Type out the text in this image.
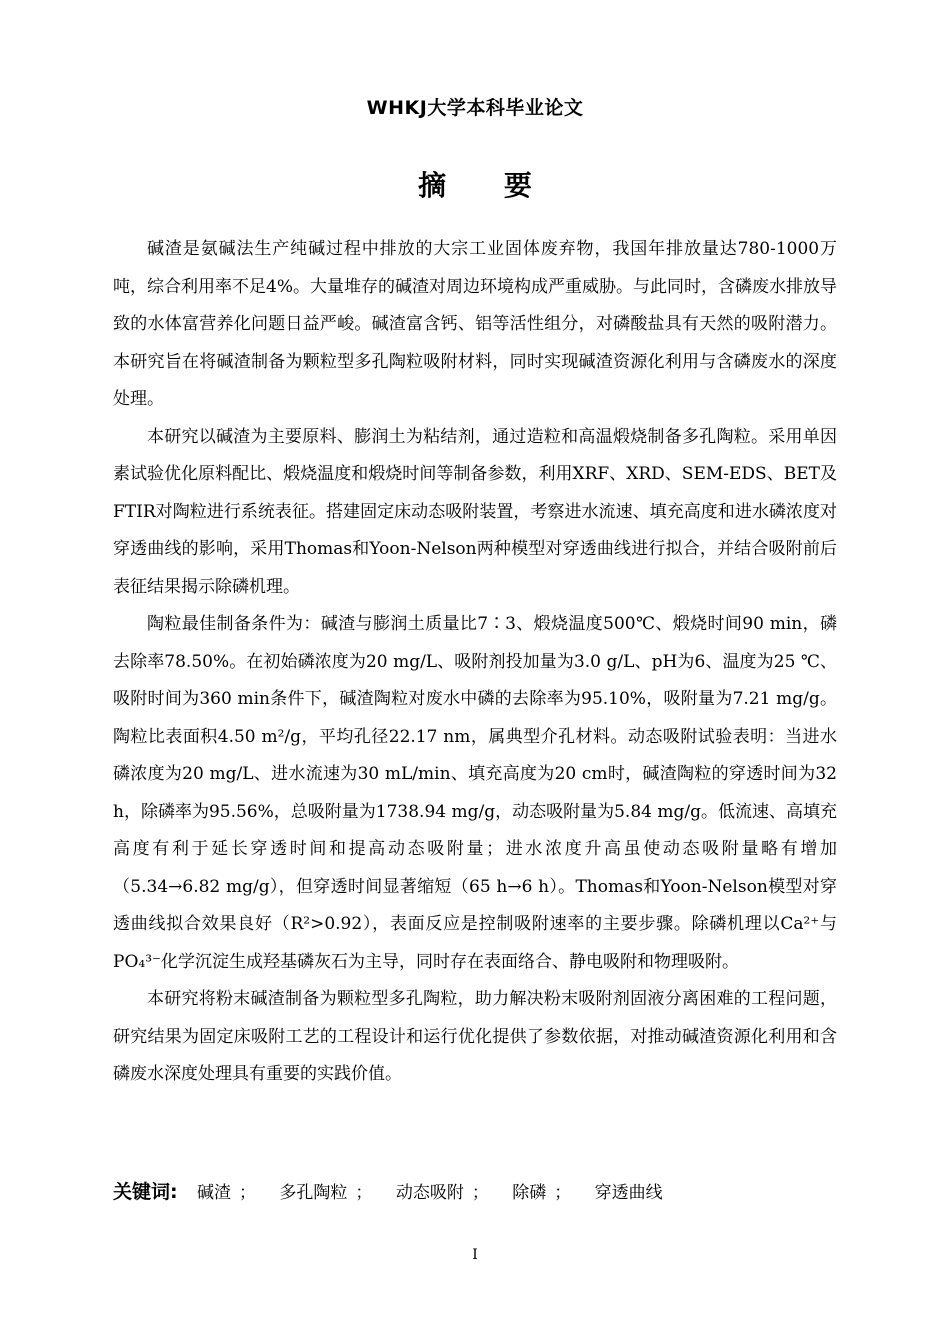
WHKJ大学本科毕业论文
摘 要

碱渣是氨碱法生产纯碱过程中排放的大宗工业固体废弃物，我国年排放量达780-1000万吨，综合利用率不足4%。大量堆存的碱渣对周边环境构成严重威胁。与此同时，含磷废水排放导致的水体富营养化问题日益严峻。碱渣富含钙、铝等活性组分，对磷酸盐具有天然的吸附潜力。本研究旨在将碱渣制备为颗粒型多孔陶粒吸附材料，同时实现碱渣资源化利用与含磷废水的深度处理。

本研究以碱渣为主要原料、膨润土为粘结剂，通过造粒和高温煅烧制备多孔陶粒。采用单因素试验优化原料配比、煅烧温度和煅烧时间等制备参数，利用XRF、XRD、SEM-EDS、BET及FTIR对陶粒进行系统表征。搭建固定床动态吸附装置，考察进水流速、填充高度和进水磷浓度对穿透曲线的影响，采用Thomas和Yoon-Nelson两种模型对穿透曲线进行拟合，并结合吸附前后表征结果揭示除磷机理。

陶粒最佳制备条件为：碱渣与膨润土质量比7∶3、煅烧温度500℃、煅烧时间90 min，磷去除率78.50%。在初始磷浓度为20 mg/L、吸附剂投加量为3.0 g/L、pH为6、温度为25 ℃、吸附时间为360 min条件下，碱渣陶粒对废水中磷的去除率为95.10%，吸附量为7.21 mg/g。陶粒比表面积4.50 m²/g，平均孔径22.17 nm，属典型介孔材料。动态吸附试验表明：当进水磷浓度为20 mg/L、进水流速为30 mL/min、填充高度为20 cm时，碱渣陶粒的穿透时间为32 h，除磷率为95.56%，总吸附量为1738.94 mg/g，动态吸附量为5.84 mg/g。低流速、高填充高度有利于延长穿透时间和提高动态吸附量；进水浓度升高虽使动态吸附量略有增加（5.34→6.82 mg/g），但穿透时间显著缩短（65 h→6 h）。Thomas和Yoon-Nelson模型对穿透曲线拟合效果良好（R²>0.92），表面反应是控制吸附速率的主要步骤。除磷机理以Ca²⁺与PO₄³⁻化学沉淀生成羟基磷灰石为主导，同时存在表面络合、静电吸附和物理吸附。

本研究将粉末碱渣制备为颗粒型多孔陶粒，助力解决粉末吸附剂固液分离困难的工程问题，研究结果为固定床吸附工艺的工程设计和运行优化提供了参数依据，对推动碱渣资源化利用和含磷废水深度处理具有重要的实践价值。

关键词: 碱渣 ； 多孔陶粒 ； 动态吸附 ； 除磷 ； 穿透曲线
I
